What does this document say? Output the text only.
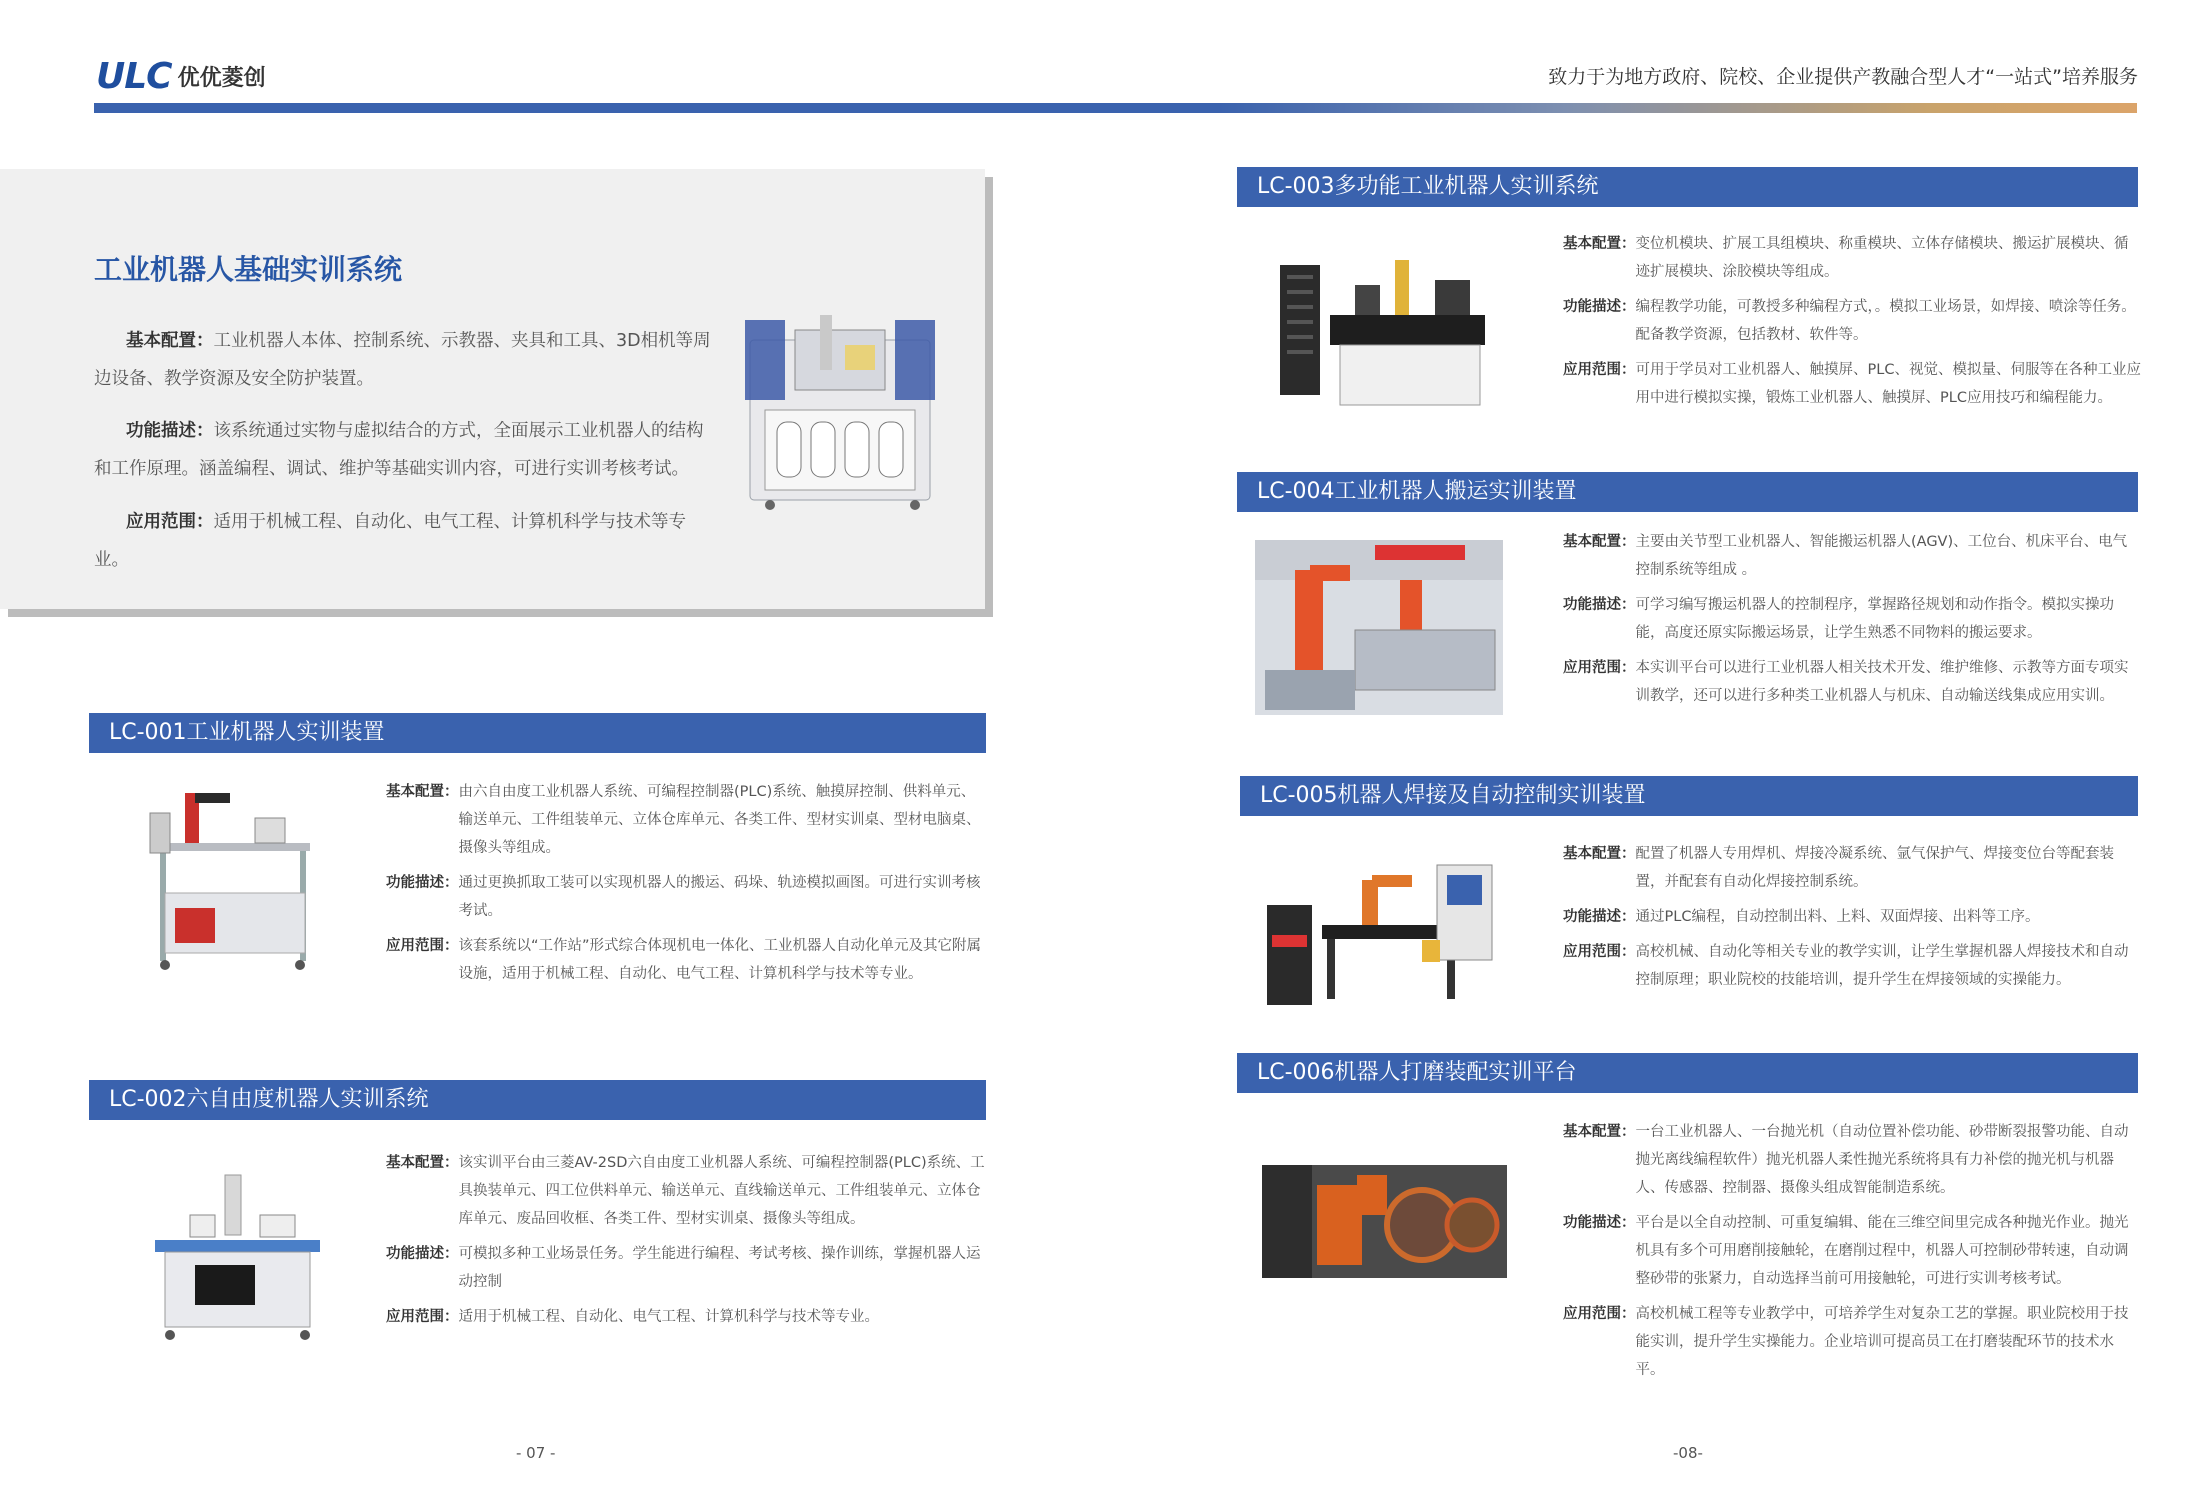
ULC 优优菱创	致力于为地方政府、院校、企业提供产教融合型人才“一站式”培养服务
工业机器人基础实训系统
基本配置：工业机器人本体、控制系统、示教器、夹具和工具、3D相机等周边设备、教学资源及安全防护装置。
功能描述：该系统通过实物与虚拟结合的方式，全面展示工业机器人的结构和工作原理。涵盖编程、调试、维护等基础实训内容，可进行实训考核考试。
应用范围：适用于机械工程、自动化、电气工程、计算机科学与技术等专业。
LC-001工业机器人实训装置
基本配置： 由六自由度工业机器人系统、可编程控制器(PLC)系统、触摸屏控制、供料单元、输送单元、工件组装单元、立体仓库单元、各类工件、型材实训桌、型材电脑桌、摄像头等组成。
功能描述： 通过更换抓取工装可以实现机器人的搬运、码垛、轨迹模拟画图。可进行实训考核考试。
应用范围： 该套系统以“工作站”形式综合体现机电一体化、工业机器人自动化单元及其它附属设施，适用于机械工程、自动化、电气工程、计算机科学与技术等专业。
LC-002六自由度机器人实训系统
基本配置： 该实训平台由三菱AV-2SD六自由度工业机器人系统、可编程控制器(PLC)系统、工具换装单元、四工位供料单元、输送单元、直线输送单元、工件组装单元、立体仓库单元、废品回收框、各类工件、型材实训桌、摄像头等组成。
功能描述： 可模拟多种工业场景任务。学生能进行编程、考试考核、操作训练，掌握机器人运动控制
应用范围： 适用于机械工程、自动化、电气工程、计算机科学与技术等专业。
LC-003多功能工业机器人实训系统
基本配置： 变位机模块、扩展工具组模块、称重模块、立体存储模块、搬运扩展模块、循迹扩展模块、涂胶模块等组成。
功能描述： 编程教学功能，可教授多种编程方式，。模拟工业场景，如焊接、喷涂等任务。配备教学资源，包括教材、软件等。
应用范围： 可用于学员对工业机器人、触摸屏、PLC、视觉、模拟量、伺服等在各种工业应用中进行模拟实操，锻炼工业机器人、触摸屏、PLC应用技巧和编程能力。
LC-004工业机器人搬运实训装置
基本配置： 主要由关节型工业机器人、智能搬运机器人(AGV)、工位台、机床平台、电气控制系统等组成 。
功能描述： 可学习编写搬运机器人的控制程序，掌握路径规划和动作指令。模拟实操功能，高度还原实际搬运场景，让学生熟悉不同物料的搬运要求。
应用范围： 本实训平台可以进行工业机器人相关技术开发、维护维修、示教等方面专项实训教学，还可以进行多种类工业机器人与机床、自动输送线集成应用实训。
LC-005机器人焊接及自动控制实训装置
基本配置： 配置了机器人专用焊机、焊接冷凝系统、氩气保护气、焊接变位台等配套装置，并配套有自动化焊接控制系统。
功能描述： 通过PLC编程，自动控制出料、上料、双面焊接、出料等工序。
应用范围： 高校机械、自动化等相关专业的教学实训，让学生掌握机器人焊接技术和自动控制原理；职业院校的技能培训，提升学生在焊接领域的实操能力。
LC-006机器人打磨装配实训平台
基本配置： 一台工业机器人、一台抛光机（自动位置补偿功能、砂带断裂报警功能、自动抛光离线编程软件）抛光机器人柔性抛光系统将具有力补偿的抛光机与机器人、传感器、控制器、摄像头组成智能制造系统。
功能描述： 平台是以全自动控制、可重复编辑、能在三维空间里完成各种抛光作业。抛光机具有多个可用磨削接触轮，在磨削过程中，机器人可控制砂带转速，自动调整砂带的张紧力，自动选择当前可用接触轮，可进行实训考核考试。
应用范围： 高校机械工程等专业教学中，可培养学生对复杂工艺的掌握。职业院校用于技能实训，提升学生实操能力。企业培训可提高员工在打磨装配环节的技术水平。
- 07 -	-08-
